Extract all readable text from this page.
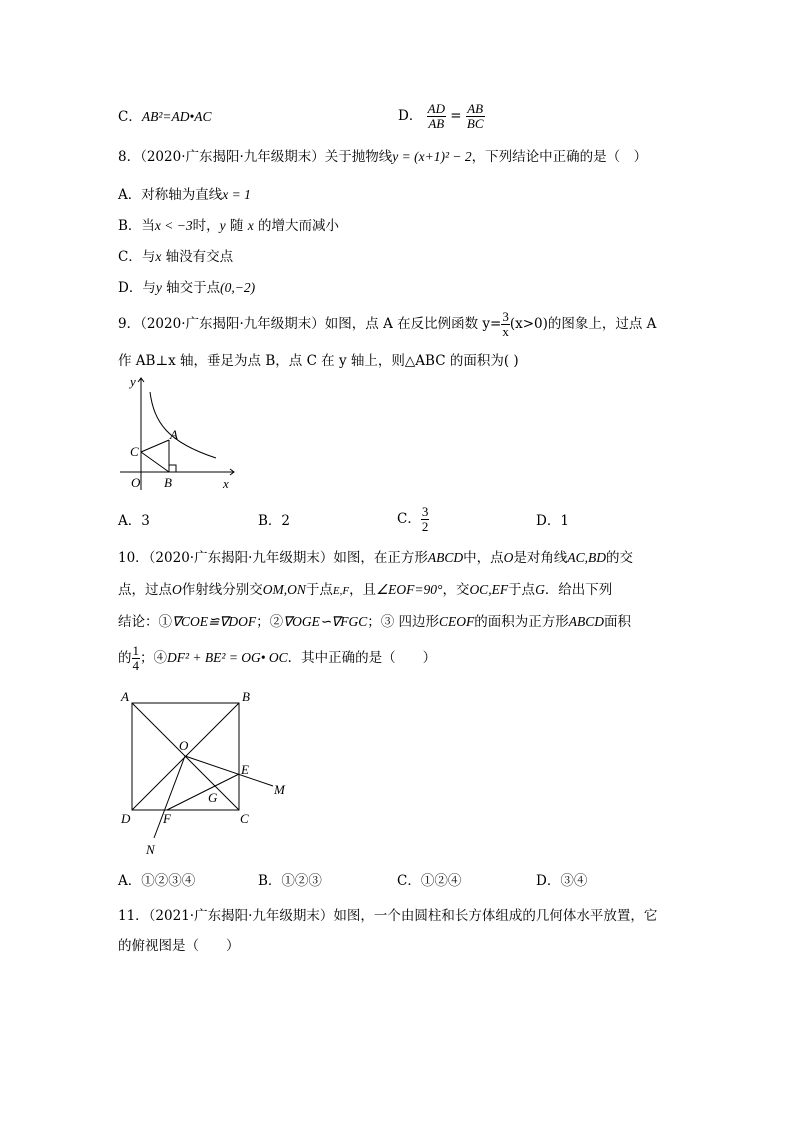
C．AB²=AD•AC	D． $\frac{AD}{AB} = \frac{AB}{BC}$
8．（2020·广东揭阳·九年级期末）关于抛物线y = (x+1)² − 2，下列结论中正确的是（　）
A．对称轴为直线x = 1
B．当x < −3时，y 随 x 的增大而减小
C．与x 轴没有交点
D．与y 轴交于点(0,−2)
9．（2020·广东揭阳·九年级期末）如图，点 A 在反比例函数 $y= \frac{3}{x} (x>0)$的图象上，过点 A
作 AB⊥x 轴，垂足为点 B，点 C 在 y 轴上，则△ABC 的面积为( )
y
x
O
A
B
C
A．3	B．2	C． $\frac{3}{2}$	D．1
10．（2020·广东揭阳·九年级期末）如图，在正方形ABCD中，点O是对角线AC,BD的交
点，过点O作射线分别交OM,ON于点E,F，且∠EOF=90°，交OC,EF于点G．给出下列
结论：①∇COE≌∇DOF；②∇OGE∽∇FGC；③ 四边形CEOF的面积为正方形ABCD面积
的 $\frac{1}{4}$ ；④DF² + BE² = OG• OC．其中正确的是（　　）
A	B
C
D
O
E
F
G
M
N
A．①②③④	B．①②③	C．①②④	D．③④
11．（2021·广东揭阳·九年级期末）如图，一个由圆柱和长方体组成的几何体水平放置，它
的俯视图是（　　）
